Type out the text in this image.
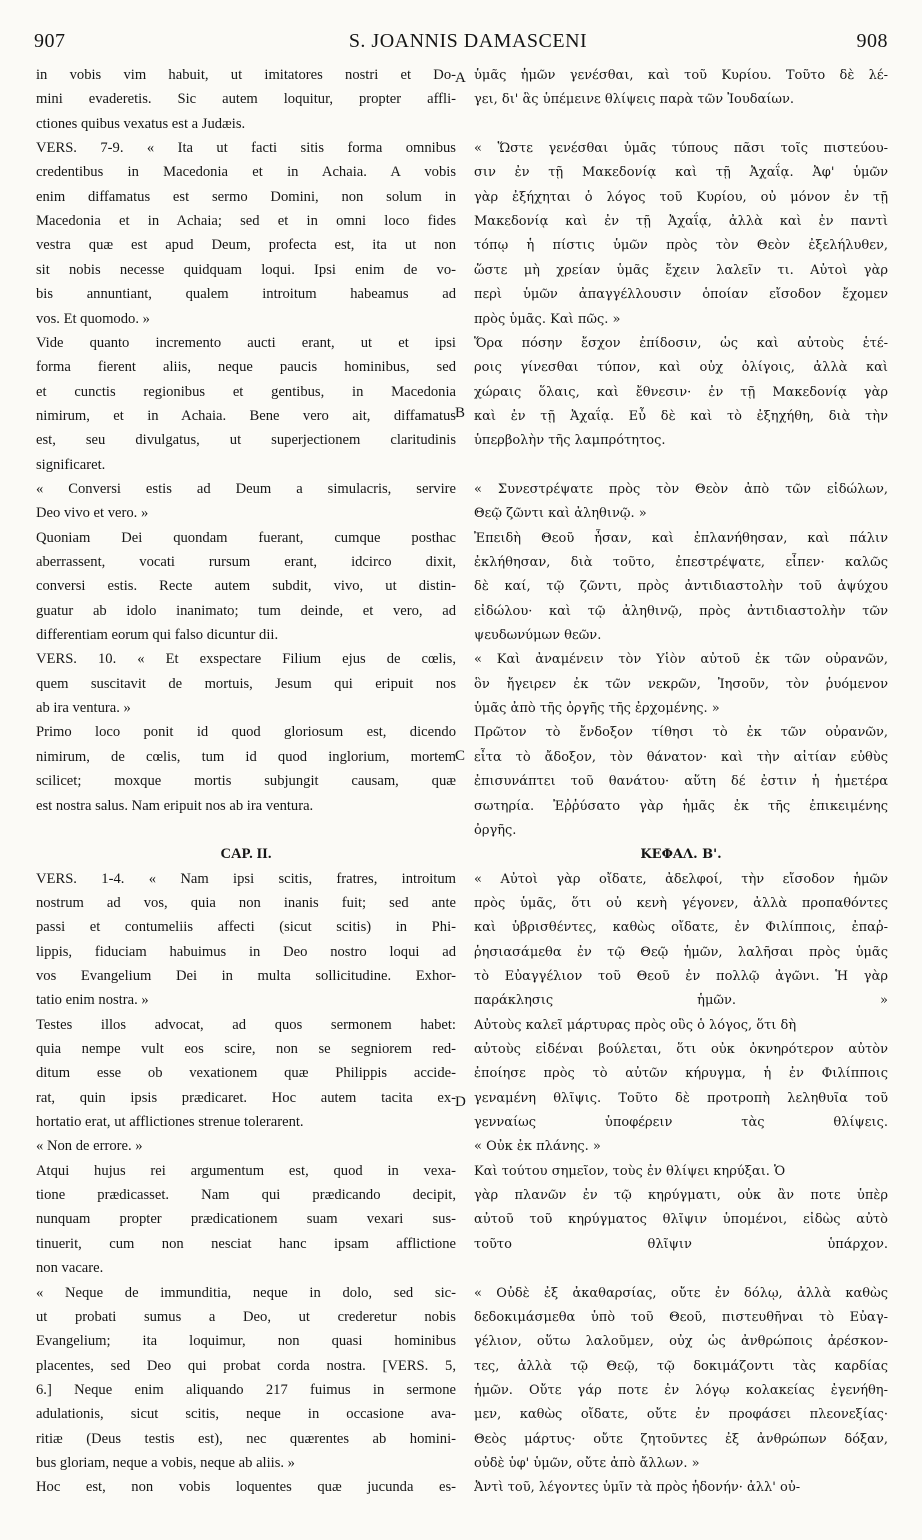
907	S. JOANNIS DAMASCENI	908
in vobis vim habuit, ut imitatores nostri et Do-
mini evaderetis. Sic autem loquitur, propter affli-
ctiones quibus vexatus est a Judæis.
VERS. 7-9. « Ita ut facti sitis forma omnibus
credentibus in Macedonia et in Achaia. A vobis
enim diffamatus est sermo Domini, non solum in
Macedonia et in Achaia; sed et in omni loco fides
vestra quæ est apud Deum, profecta est, ita ut non
sit nobis necesse quidquam loqui. Ipsi enim de vo-
bis annuntiant, qualem introitum habeamus ad
vos. Et quomodo. »
Vide quanto incremento aucti erant, ut et ipsi
forma fierent aliis, neque paucis hominibus, sed
et cunctis regionibus et gentibus, in Macedonia
nimirum, et in Achaia. Bene vero ait, diffamatus
est, seu divulgatus, ut superjectionem claritudinis
significaret.
« Conversi estis ad Deum a simulacris, servire
Deo vivo et vero. »
Quoniam Dei quondam fuerant, cumque posthac
aberrassent, vocati rursum erant, idcirco dixit,
conversi estis. Recte autem subdit, vivo, ut distin-
guatur ab idolo inanimato; tum deinde, et vero, ad
differentiam eorum qui falso dicuntur dii.
VERS. 10. « Et exspectare Filium ejus de cœlis,
quem suscitavit de mortuis, Jesum qui eripuit nos
ab ira ventura. »
Primo loco ponit id quod gloriosum est, dicendo
nimirum, de cœlis, tum id quod inglorium, mortem
scilicet; moxque mortis subjungit causam, quæ
est nostra salus. Nam eripuit nos ab ira ventura.
CAP. II.
VERS. 1-4. « Nam ipsi scitis, fratres, introitum
nostrum ad vos, quia non inanis fuit; sed ante
passi et contumeliis affecti (sicut scitis) in Phi-
lippis, fiduciam habuimus in Deo nostro loqui ad
vos Evangelium Dei in multa sollicitudine. Exhor-
tatio enim nostra. »
Testes illos advocat, ad quos sermonem habet:
quia nempe vult eos scire, non se segniorem red-
ditum esse ob vexationem quæ Philippis accide-
rat, quin ipsis prædicaret. Hoc autem tacita ex-
hortatio erat, ut afflictiones strenue tolerarent.
« Non de errore. »
Atqui hujus rei argumentum est, quod in vexa-
tione prædicasset. Nam qui prædicando decipit,
nunquam propter prædicationem suam vexari sus-
tinuerit, cum non nesciat hanc ipsam afflictione
non vacare.
« Neque de immunditia, neque in dolo, sed sic-
ut probati sumus a Deo, ut crederetur nobis
Evangelium; ita loquimur, non quasi hominibus
placentes, sed Deo qui probat corda nostra. [VERS. 5,
6.] Neque enim aliquando 217 fuimus in sermone
adulationis, sicut scitis, neque in occasione ava-
ritiæ (Deus testis est), nec quærentes ab homini-
bus gloriam, neque a vobis, neque ab aliis. »
Hoc est, non vobis loquentes quæ jucunda es-
ὑμᾶς ἡμῶν γενέσθαι, καὶ τοῦ Κυρίου. Τοῦτο δὲ λέ-
γει, δι' ἃς ὑπέμεινε θλίψεις παρὰ τῶν Ἰουδαίων.
« Ὥστε γενέσθαι ὑμᾶς τύπους πᾶσι τοῖς πιστεύου-
σιν ἐν τῇ Μακεδονίᾳ καὶ τῇ Ἀχαΐᾳ. Ἀφ' ὑμῶν
γὰρ ἐξήχηται ὁ λόγος τοῦ Κυρίου, οὐ μόνον ἐν τῇ
Μακεδονίᾳ καὶ ἐν τῇ Ἀχαΐᾳ, ἀλλὰ καὶ ἐν παντὶ
τόπῳ ἡ πίστις ὑμῶν πρὸς τὸν Θεὸν ἐξελήλυθεν,
ὥστε μὴ χρείαν ὑμᾶς ἔχειν λαλεῖν τι. Αὐτοὶ γὰρ
περὶ ὑμῶν ἀπαγγέλλουσιν ὁποίαν εἴσοδον ἔχομεν
πρὸς ὑμᾶς. Καὶ πῶς. »
Ὅρα πόσην ἔσχον ἐπίδοσιν, ὡς καὶ αὐτοὺς ἑτέ-
ροις γίνεσθαι τύπον, καὶ οὐχ ὀλίγοις, ἀλλὰ καὶ
χώραις ὅλαις, καὶ ἔθνεσιν· ἐν τῇ Μακεδονίᾳ γὰρ
καὶ ἐν τῇ Ἀχαΐᾳ. Εὖ δὲ καὶ τὸ ἐξηχήθη, διὰ τὴν
ὑπερβολὴν τῆς λαμπρότητος.
« Συνεστρέψατε πρὸς τὸν Θεὸν ἀπὸ τῶν εἰδώλων,
Θεῷ ζῶντι καὶ ἀληθινῷ. »
Ἐπειδὴ Θεοῦ ἦσαν, καὶ ἐπλανήθησαν, καὶ πάλιν
ἐκλήθησαν, διὰ τοῦτο, ἐπεστρέψατε, εἶπεν· καλῶς
δὲ καί, τῷ ζῶντι, πρὸς ἀντιδιαστολὴν τοῦ ἀψύχου
εἰδώλου· καὶ τῷ ἀληθινῷ, πρὸς ἀντιδιαστολὴν τῶν
ψευδωνύμων θεῶν.
« Καὶ ἀναμένειν τὸν Υἱὸν αὐτοῦ ἐκ τῶν οὐρανῶν,
ὃν ἤγειρεν ἐκ τῶν νεκρῶν, Ἰησοῦν, τὸν ῥυόμενον
ὑμᾶς ἀπὸ τῆς ὀργῆς τῆς ἐρχομένης. »
Πρῶτον τὸ ἔνδοξον τίθησι τὸ ἐκ τῶν οὐρανῶν,
εἶτα τὸ ἄδοξον, τὸν θάνατον· καὶ τὴν αἰτίαν εὐθὺς
ἐπισυνάπτει τοῦ θανάτου· αὕτη δέ ἐστιν ἡ ἡμετέρα
σωτηρία. Ἐῤῥύσατο γὰρ ἡμᾶς ἐκ τῆς ἐπικειμένης
ὀργῆς.
ΚΕΦΑΛ. Β'.
« Αὐτοὶ γὰρ οἴδατε, ἀδελφοί, τὴν εἴσοδον ἡμῶν
πρὸς ὑμᾶς, ὅτι οὐ κενὴ γέγονεν, ἀλλὰ προπαθόντες
καὶ ὑβρισθέντες, καθὼς οἴδατε, ἐν Φιλίπποις, ἐπαῤ-
ῥησιασάμεθα ἐν τῷ Θεῷ ἡμῶν, λαλῆσαι πρὸς ὑμᾶς
τὸ Εὐαγγέλιον τοῦ Θεοῦ ἐν πολλῷ ἀγῶνι. Ἡ γὰρ
παράκλησις ἡμῶν. »
Αὐτοὺς καλεῖ μάρτυρας πρὸς οὓς ὁ λόγος, ὅτι δὴ
αὐτοὺς εἰδέναι βούλεται, ὅτι οὐκ ὀκνηρότερον αὐτὸν
ἐποίησε πρὸς τὸ αὐτῶν κήρυγμα, ἡ ἐν Φιλίπποις
γεναμένη θλῖψις. Τοῦτο δὲ προτροπὴ λεληθυῖα τοῦ
γενναίως ὑποφέρειν τὰς θλίψεις.
« Οὐκ ἐκ πλάνης. »
Καὶ τούτου σημεῖον, τοὺς ἐν θλίψει κηρύξαι. Ὁ
γὰρ πλανῶν ἐν τῷ κηρύγματι, οὐκ ἂν ποτε ὑπὲρ
αὐτοῦ τοῦ κηρύγματος θλῖψιν ὑπομένοι, εἰδὼς αὐτὸ
τοῦτο θλῖψιν ὑπάρχον.
« Οὐδὲ ἐξ ἀκαθαρσίας, οὔτε ἐν δόλῳ, ἀλλὰ καθὼς
δεδοκιμάσμεθα ὑπὸ τοῦ Θεοῦ, πιστευθῆναι τὸ Εὐαγ-
γέλιον, οὕτω λαλοῦμεν, οὐχ ὡς ἀνθρώποις ἀρέσκον-
τες, ἀλλὰ τῷ Θεῷ, τῷ δοκιμάζοντι τὰς καρδίας
ἡμῶν. Οὔτε γάρ ποτε ἐν λόγῳ κολακείας ἐγενήθη-
μεν, καθὼς οἴδατε, οὔτε ἐν προφάσει πλεονεξίας·
Θεὸς μάρτυς· οὔτε ζητοῦντες ἐξ ἀνθρώπων δόξαν,
οὐδὲ ὑφ' ὑμῶν, οὔτε ἀπὸ ἄλλων. »
Ἀντὶ τοῦ, λέγοντες ὑμῖν τὰ πρὸς ἡδονήν· ἀλλ' οὐ-
A
B
C
D
